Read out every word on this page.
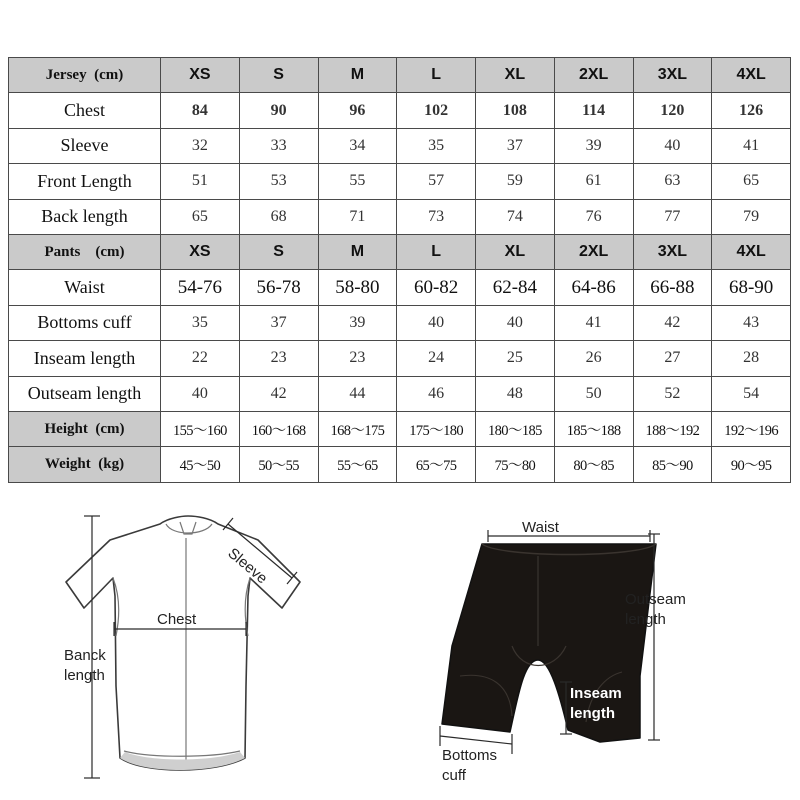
Jersey  (cm)	XS	S	M	L	XL	2XL	3XL	4XL
Chest	84	90	96	102	108	114	120	126
Sleeve	32	33	34	35	37	39	40	41
Front Length	51	53	55	57	59	61	63	65
Back length	65	68	71	73	74	76	77	79
Pants    (cm)	XS	S	M	L	XL	2XL	3XL	4XL
Waist	54-76	56-78	58-80	60-82	62-84	64-86	66-88	68-90
Bottoms cuff	35	37	39	40	40	41	42	43
Inseam length	22	23	23	24	25	26	27	28
Outseam length	40	42	44	46	48	50	52	54
Height  (cm)	155～160	160～168	168～175	175～180	180～185	185～188	188～192	192～196
Weight  (kg)	45～50	50～55	55～65	65～75	75～80	80～85	85～90	90～95
Sleeve
Chest
Banck
length
Waist
Outseam
length
Inseam
length
Bottoms
cuff
